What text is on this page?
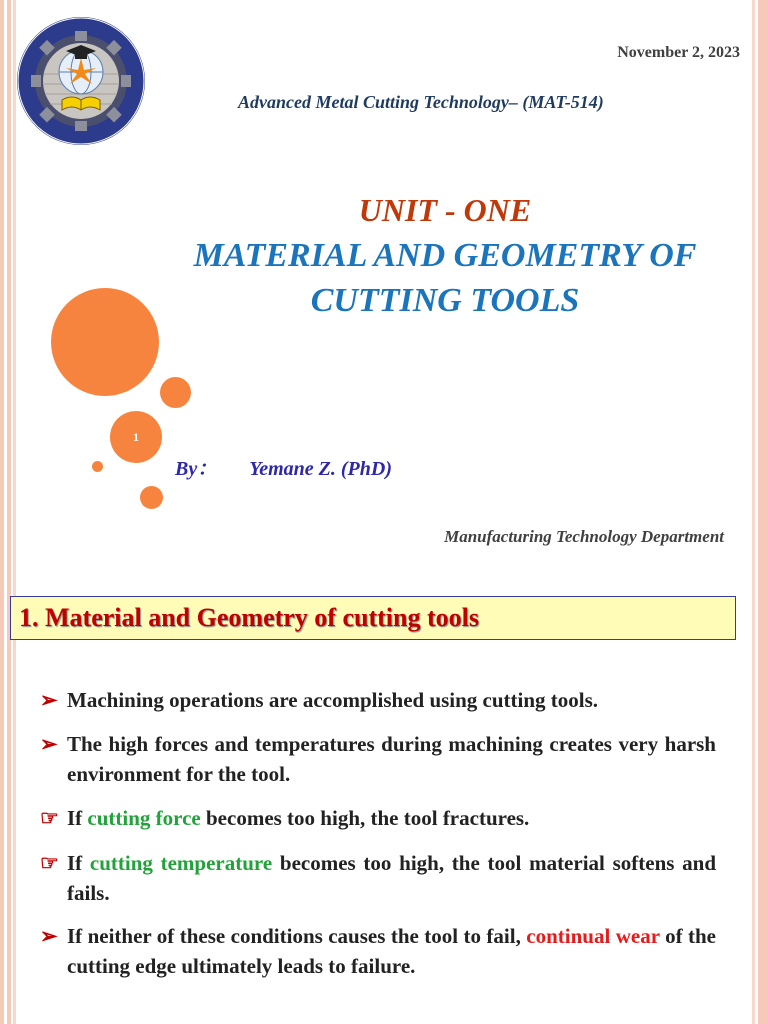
November 2, 2023
Advanced Metal Cutting Technology– (MAT-514)
UNIT - ONE
MATERIAL AND GEOMETRY OF
CUTTING TOOLS
1
By： Yemane Z. (PhD)
Manufacturing Technology Department
1. Material and Geometry of cutting tools
➢ Machining operations are accomplished using cutting tools.
➢ The high forces and temperatures during machining creates very harsh environment for the tool.
☞ If cutting force becomes too high, the tool fractures.
☞ If cutting temperature becomes too high, the tool material softens and fails.
➢ If neither of these conditions causes the tool to fail, continual wear of the cutting edge ultimately leads to failure.
